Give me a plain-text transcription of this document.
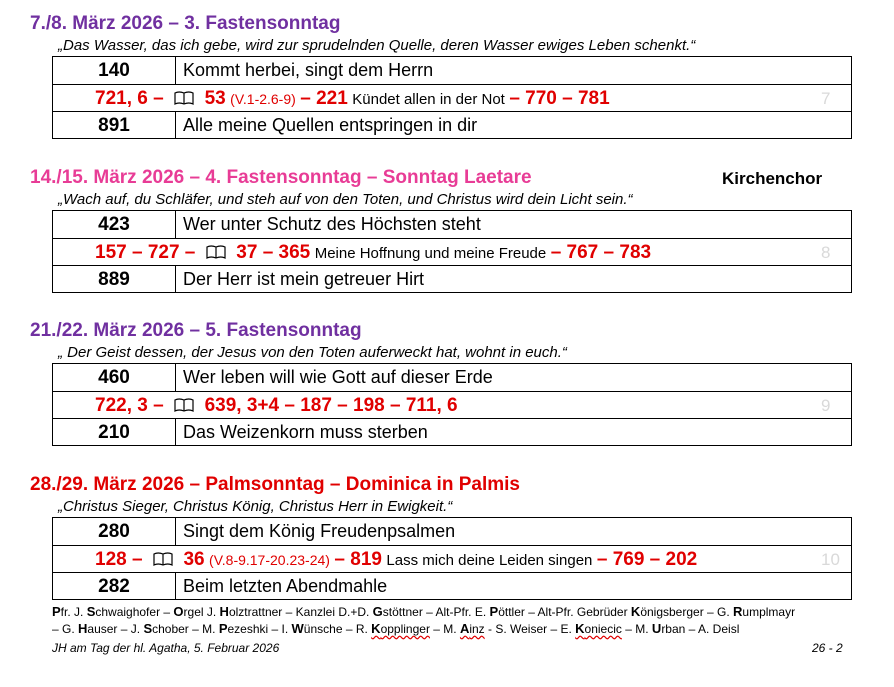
7./8. März 2026 – 3. Fastensonntag
„Das Wasser, das ich gebe, wird zur sprudelnden Quelle, deren Wasser ewiges Leben schenkt.“
140	Kommt herbei, singt dem Herrn
721, 6 – 53 (V.1-2.6-9) – 221 Kündet allen in der Not – 770 – 781	7
891	Alle meine Quellen entspringen in dir
14./15. März 2026 – 4. Fastensonntag – Sonntag Laetare	Kirchenchor
„Wach auf, du Schläfer, und steh auf von den Toten, und Christus wird dein Licht sein.“
423	Wer unter Schutz des Höchsten steht
157 – 727 – 37 – 365 Meine Hoffnung und meine Freude – 767 – 783	8
889	Der Herr ist mein getreuer Hirt
21./22. März 2026 – 5. Fastensonntag
„ Der Geist dessen, der Jesus von den Toten auferweckt hat, wohnt in euch.“
460	Wer leben will wie Gott auf dieser Erde
722, 3 – 639, 3+4 – 187 – 198 – 711, 6	9
210	Das Weizenkorn muss sterben
28./29. März 2026 – Palmsonntag – Dominica in Palmis
„Christus Sieger, Christus König, Christus Herr in Ewigkeit.“
280	Singt dem König Freudenpsalmen
128 – 36 (V.8-9.17-20.23-24) – 819 Lass mich deine Leiden singen – 769 – 202	10
282	Beim letzten Abendmahle
Pfr. J. Schwaighofer – Orgel J. Holztrattner – Kanzlei D.+D. Gstöttner – Alt-Pfr. E. Pöttler – Alt-Pfr. Gebrüder Königsberger – G. Rumplmayr
– G. Hauser – J. Schober – M. Pezeshki – I. Wünsche – R. Kopplinger – M. Ainz - S. Weiser – E. Koniecic – M. Urban – A. Deisl
JH am Tag der hl. Agatha, 5. Februar 2026	26 - 2
